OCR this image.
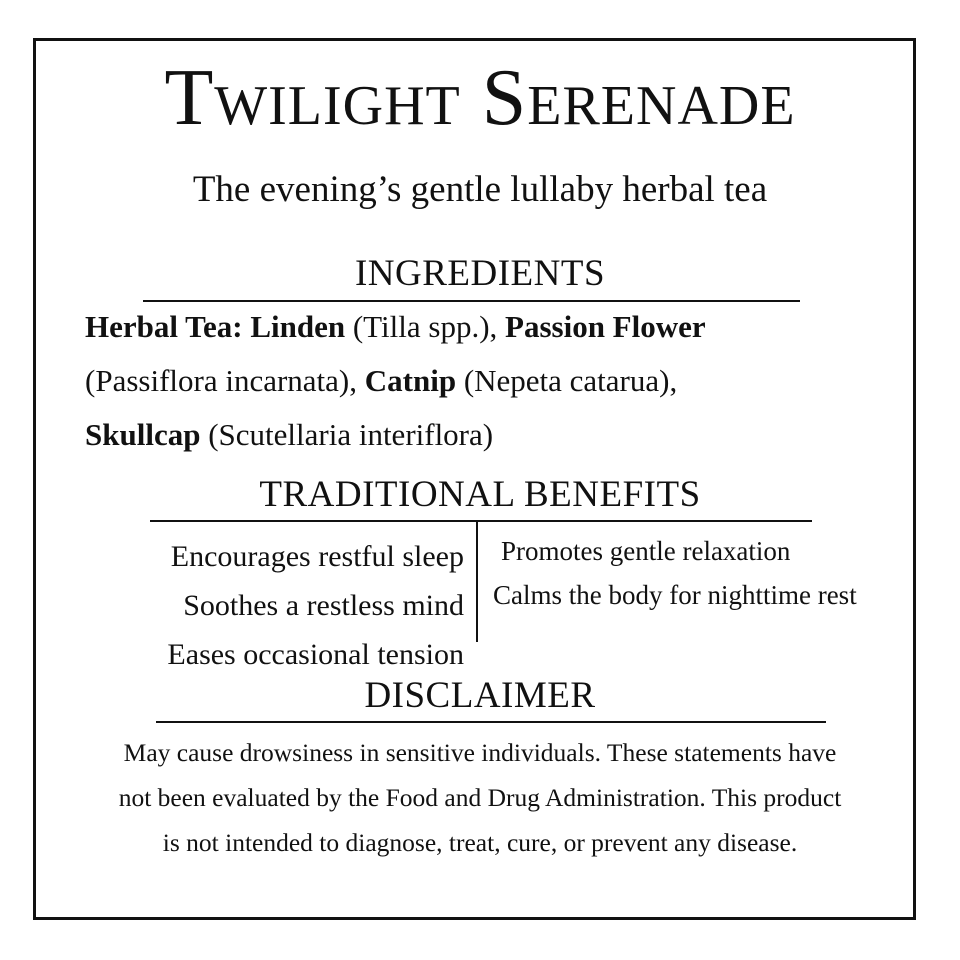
Twilight Serenade

The evening’s gentle lullaby herbal tea

INGREDIENTS

Herbal Tea: Linden (Tilla spp.), Passion Flower
(Passiflora incarnata), Catnip (Nepeta catarua),
Skullcap (Scutellaria interiflora)

TRADITIONAL BENEFITS
Encourages restful sleep
Soothes a restless mind
Eases occasional tension
Promotes gentle relaxation
Calms the body for nighttime rest
DISCLAIMER

May cause drowsiness in sensitive individuals. These statements have not been evaluated by the Food and Drug Administration. This product is not intended to diagnose, treat, cure, or prevent any disease.
